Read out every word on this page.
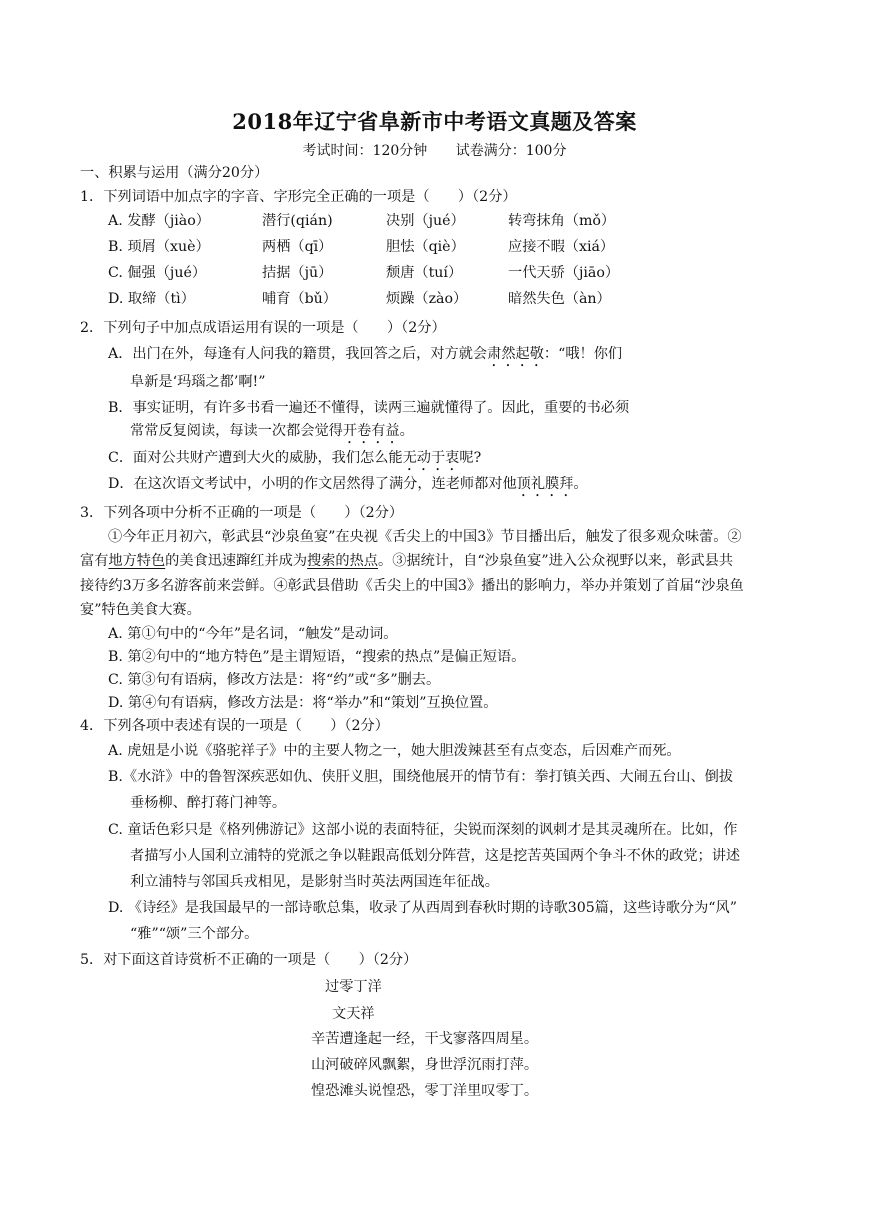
2018年辽宁省阜新市中考语文真题及答案
考试时间：120分钟 试卷满分：100分
一、积累与运用（满分20分）
1．下列词语中加点字的字音、字形完全正确的一项是（　　）（2分）
A. 发酵（jiào）	潜行(qián)	决别（jué）	转弯抹角（mǒ）
B. 顼屑（xuè）	两栖（qī）	胆怯（qiè）	应接不暇（xiá）
C. 倔强（jué）	拮据（jū）	颓唐（tuí）	一代天骄（jiāo）
D. 取缔（tì）	哺育（bǔ）	烦躁（zào）	暗然失色（àn）
2．下列句子中加点成语运用有误的一项是（　　）（2分）
A．出门在外，每逢有人问我的籍贯，我回答之后，对方就会肃然起敬：“哦！你们
阜新是‘玛瑙之都’啊!”
B．事实证明，有许多书看一遍还不懂得，读两三遍就懂得了。因此，重要的书必须
常常反复阅读，每读一次都会觉得开卷有益。
C．面对公共财产遭到大火的威胁，我们怎么能无动于衷呢?
D．在这次语文考试中，小明的作文居然得了满分，连老师都对他顶礼膜拜。
3．下列各项中分析不正确的一项是（　　）（2分）
①今年正月初六，彰武县“沙泉鱼宴”在央视《舌尖上的中国3》节目播出后，触发了很多观众味蕾。②
富有地方特色的美食迅速蹿红并成为搜索的热点。③据统计，自“沙泉鱼宴”进入公众视野以来，彰武县共
接待约3万多名游客前来尝鲜。④彰武县借助《舌尖上的中国3》播出的影响力，举办并策划了首届“沙泉鱼
宴”特色美食大赛。
A. 第①句中的“今年”是名词，“触发”是动词。
B. 第②句中的“地方特色”是主谓短语，“搜索的热点”是偏正短语。
C. 第③句有语病，修改方法是：将“约”或“多”删去。
D. 第④句有语病，修改方法是：将“举办”和“策划”互换位置。
4．下列各项中表述有误的一项是（　　）（2分）
A. 虎妞是小说《骆驼祥子》中的主要人物之一，她大胆泼辣甚至有点变态，后因难产而死。
B.《水浒》中的鲁智深疾恶如仇、侠肝义胆，围绕他展开的情节有：拳打镇关西、大闹五台山、倒拔
垂杨柳、醉打蒋门神等。
C. 童话色彩只是《格列佛游记》这部小说的表面特征，尖锐而深刻的讽刺才是其灵魂所在。比如，作
者描写小人国利立浦特的党派之争以鞋跟高低划分阵营，这是挖苦英国两个争斗不休的政党；讲述
利立浦特与邻国兵戎相见，是影射当时英法两国连年征战。
D. 《诗经》是我国最早的一部诗歌总集，收录了从西周到春秋时期的诗歌305篇，这些诗歌分为“风”
“雅”“颂”三个部分。
5．对下面这首诗赏析不正确的一项是（　　）（2分）
过零丁洋
文天祥
辛苦遭逢起一经，干戈寥落四周星。
山河破碎风飘絮，身世浮沉雨打萍。
惶恐滩头说惶恐，零丁洋里叹零丁。
